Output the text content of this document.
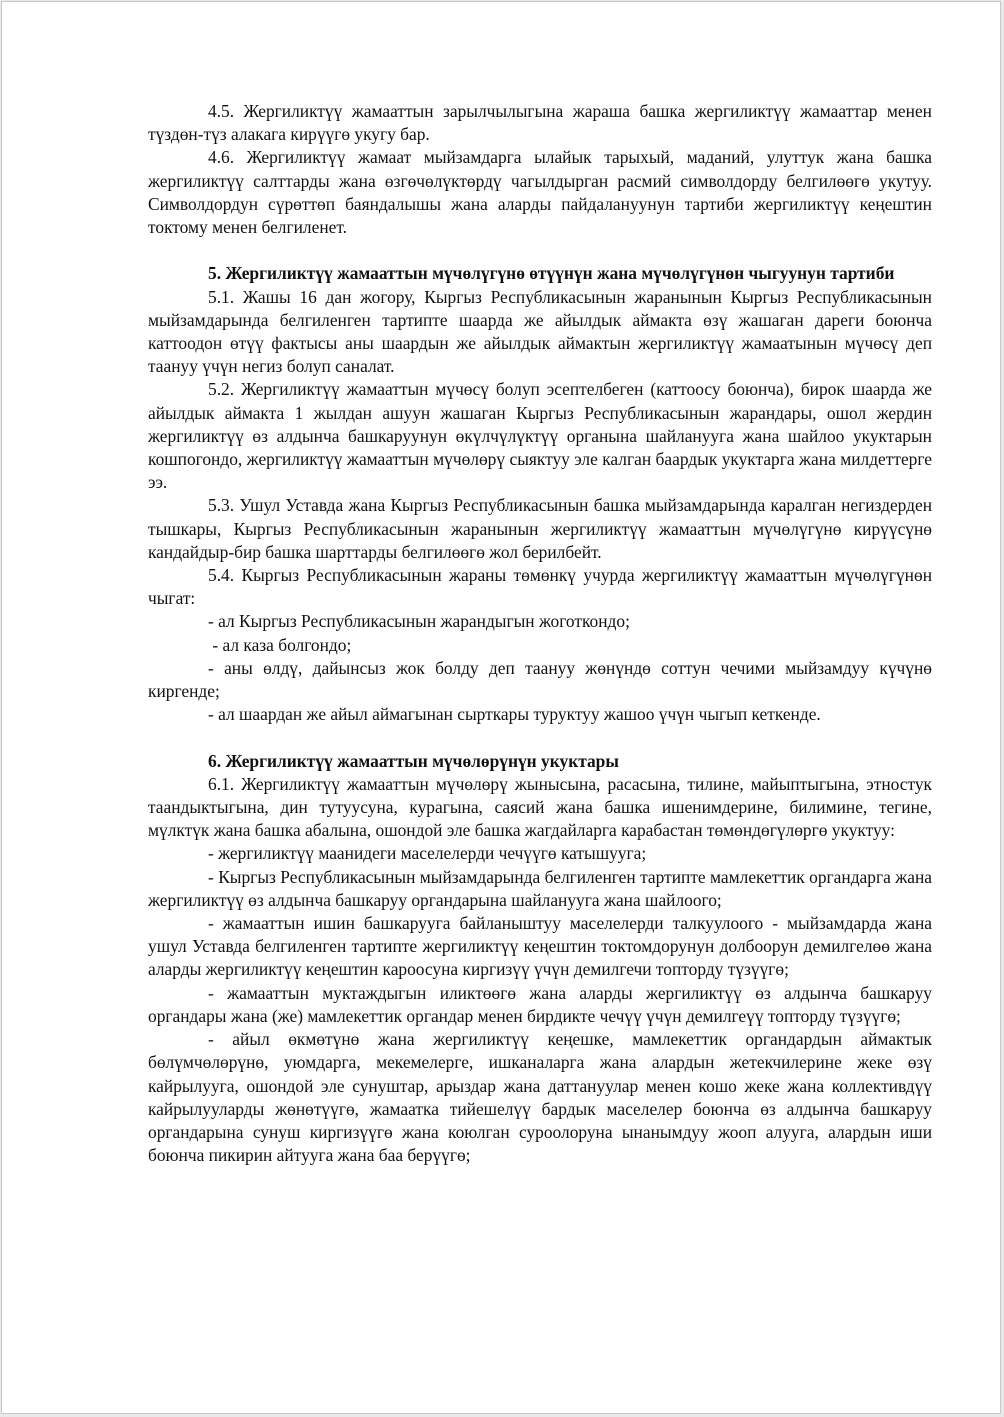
4.5. Жергиликтүү жамааттын зарылчылыгына жараша башка жергиликтүү жамааттар менен түздөн-түз алакага кирүүгө укугу бар.

4.6. Жергиликтүү жамаат мыйзамдарга ылайык тарыхый, маданий, улуттук жана башка жергиликтүү салттарды жана өзгөчөлүктөрдү чагылдырган расмий символдорду белгилөөгө укутуу. Символдордун сүрөттөп баяндалышы жана аларды пайдалануунун тартиби жергиликтүү кеңештин токтому менен белгиленет.

5. Жергиликтүү жамааттын мүчөлүгүнө өтүүнүн жана мүчөлүгүнөн чыгуунун тартиби

5.1. Жашы 16 дан жогору, Кыргыз Республикасынын жаранынын Кыргыз Республикасынын мыйзамдарында белгиленген тартипте шаарда же айылдык аймакта өзү жашаган дареги боюнча каттоодон өтүү фактысы аны шаардын же айылдык аймактын жергиликтүү жамаатынын мүчөсү деп таануу үчүн негиз болуп саналат.

5.2. Жергиликтүү жамааттын мүчөсү болуп эсептелбеген (каттоосу боюнча), бирок шаарда же айылдык аймакта 1 жылдан ашуун жашаган Кыргыз Республикасынын жарандары, ошол жердин жергиликтүү өз алдынча башкаруунун өкүлчүлүктүү органына шайланууга жана шайлоо укуктарын кошпогондо, жергиликтүү жамааттын мүчөлөрү сыяктуу эле калган баардык укуктарга жана милдеттерге ээ.

5.3. Ушул Уставда жана Кыргыз Республикасынын башка мыйзамдарында каралган негиздерден тышкары, Кыргыз Республикасынын жаранынын жергиликтүү жамааттын мүчөлүгүнө кирүүсүнө кандайдыр-бир башка шарттарды белгилөөгө жол берилбейт.

5.4. Кыргыз Республикасынын жараны төмөнкү учурда жергиликтүү жамааттын мүчөлүгүнөн чыгат:

- ал Кыргыз Республикасынын жарандыгын жоготкондо;

- ал каза болгондо;

- аны өлдү, дайынсыз жок болду деп таануу жөнүндө соттун чечими мыйзамдуу күчүнө киргенде;

- ал шаардан же айыл аймагынан сырткары туруктуу жашоо үчүн чыгып кеткенде.

6. Жергиликтүү жамааттын мүчөлөрүнүн укуктары

6.1. Жергиликтүү жамааттын мүчөлөрү жынысына, расасына, тилине, майыптыгына, этностук таандыктыгына, дин тутуусуна, курагына, саясий жана башка ишенимдерине, билимине, тегине, мүлктүк жана башка абалына, ошондой эле башка жагдайларга карабастан төмөндөгүлөргө укуктуу:

- жергиликтүү маанидеги маселелерди чечүүгө катышууга;

- Кыргыз Республикасынын мыйзамдарында белгиленген тартипте мамлекеттик органдарга жана жергиликтүү өз алдынча башкаруу органдарына шайланууга жана шайлоого;

- жамааттын ишин башкарууга байланыштуу маселелерди талкуулоого - мыйзамдарда жана ушул Уставда белгиленген тартипте жергиликтүү кеңештин токтомдорунун долбоорун демилгелөө жана аларды жергиликтүү кеңештин кароосуна киргизүү үчүн демилгечи топторду түзүүгө;

- жамааттын муктаждыгын иликтөөгө жана аларды жергиликтүү өз алдынча башкаруу органдары жана (же) мамлекеттик органдар менен бирдикте чечүү үчүн демилгеүү топторду түзүүгө;

- айыл өкмөтүнө жана жергиликтүү кеңешке, мамлекеттик органдардын аймактык бөлүмчөлөрүнө, уюмдарга, мекемелерге, ишканаларга жана алардын жетекчилерине жеке өзү кайрылууга, ошондой эле сунуштар, арыздар жана даттануулар менен кошо жеке жана коллективдүү кайрылууларды жөнөтүүгө, жамаатка тийешелүү бардык маселелер боюнча өз алдынча башкаруу органдарына сунуш киргизүүгө жана коюлган суроолоруна ынанымдуу жооп алууга, алардын иши боюнча пикирин айтууга жана баа берүүгө;
